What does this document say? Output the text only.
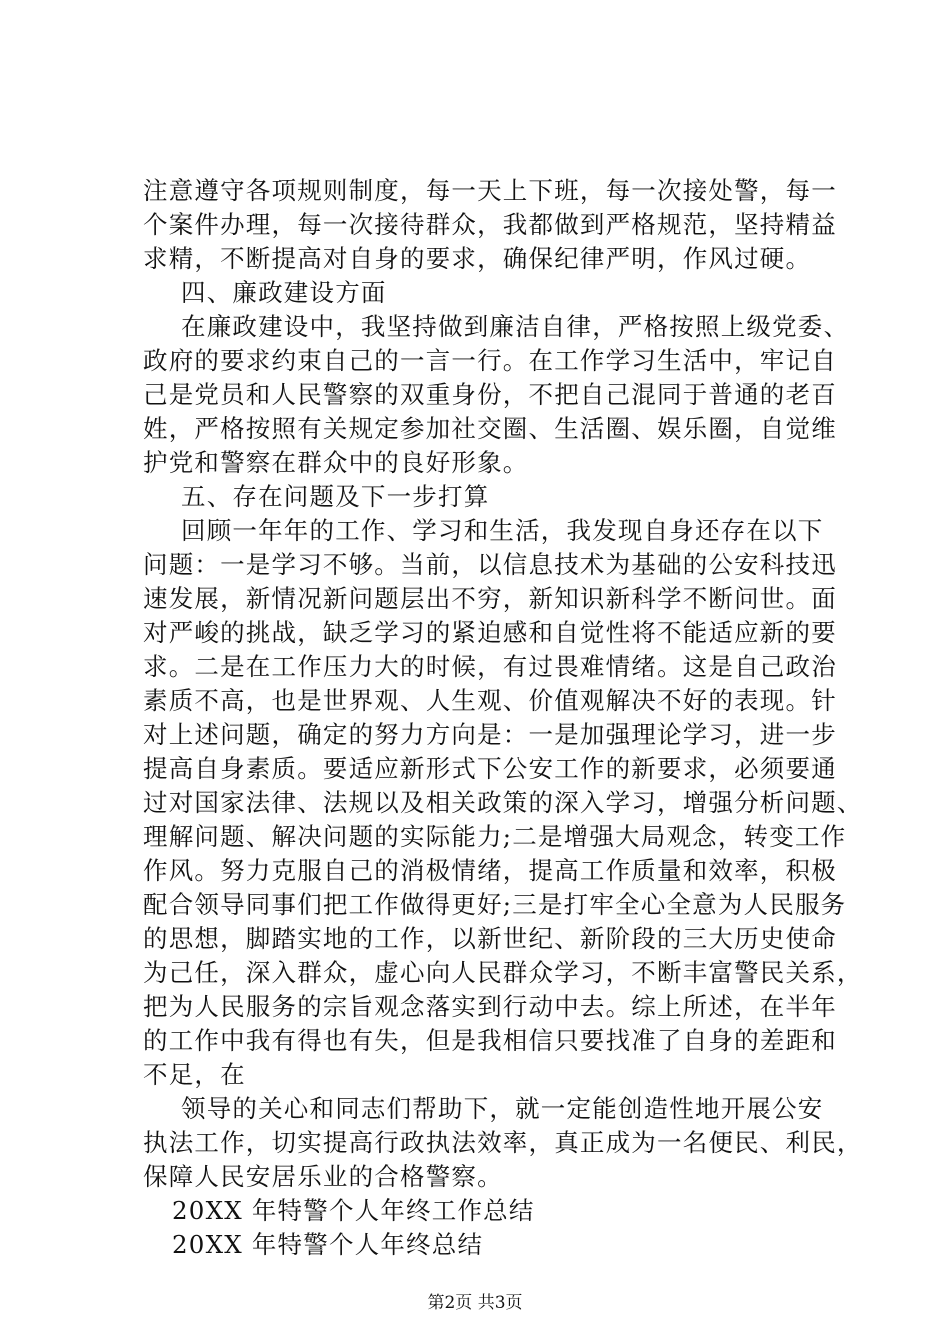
注意遵守各项规则制度，每一天上下班，每一次接处警，每一
个案件办理，每一次接待群众，我都做到严格规范，坚持精益
求精，不断提高对自身的要求，确保纪律严明，作风过硬。
四、廉政建设方面
在廉政建设中，我坚持做到廉洁自律，严格按照上级党委、
政府的要求约束自己的一言一行。在工作学习生活中，牢记自
己是党员和人民警察的双重身份，不把自己混同于普通的老百
姓，严格按照有关规定参加社交圈、生活圈、娱乐圈，自觉维
护党和警察在群众中的良好形象。
五、存在问题及下一步打算
回顾一年年的工作、学习和生活，我发现自身还存在以下
问题：一是学习不够。当前，以信息技术为基础的公安科技迅
速发展，新情况新问题层出不穷，新知识新科学不断问世。面
对严峻的挑战，缺乏学习的紧迫感和自觉性将不能适应新的要
求。二是在工作压力大的时候，有过畏难情绪。这是自己政治
素质不高，也是世界观、人生观、价值观解决不好的表现。针
对上述问题，确定的努力方向是：一是加强理论学习，进一步
提高自身素质。要适应新形式下公安工作的新要求，必须要通
过对国家法律、法规以及相关政策的深入学习，增强分析问题、
理解问题、解决问题的实际能力;二是增强大局观念，转变工作
作风。努力克服自己的消极情绪，提高工作质量和效率，积极
配合领导同事们把工作做得更好;三是打牢全心全意为人民服务
的思想，脚踏实地的工作，以新世纪、新阶段的三大历史使命
为己任，深入群众，虚心向人民群众学习，不断丰富警民关系，
把为人民服务的宗旨观念落实到行动中去。综上所述，在半年
的工作中我有得也有失，但是我相信只要找准了自身的差距和
不足，在
领导的关心和同志们帮助下，就一定能创造性地开展公安
执法工作，切实提高行政执法效率，真正成为一名便民、利民，
保障人民安居乐业的合格警察。
20XX 年特警个人年终工作总结
20XX 年特警个人年终总结
第2页 共3页
